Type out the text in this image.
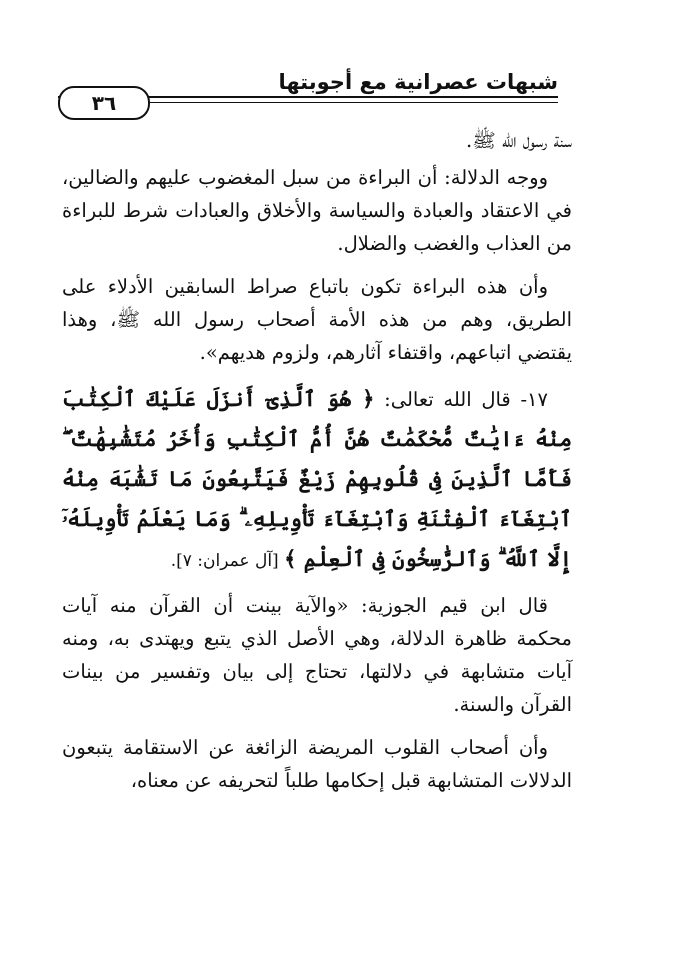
شبهات عصرانية مع أجوبتها
٣٦

سنة رسول الله ﷺ.

ووجه الدلالة: أن البراءة من سبل المغضوب عليهم والضالين، في الاعتقاد والعبادة والسياسة والأخلاق والعبادات شرط للبراءة من العذاب والغضب والضلال.

وأن هذه البراءة تكون باتباع صراط السابقين الأدلاء على الطريق، وهم من هذه الأمة أصحاب رسول الله ﷺ، وهذا يقتضي اتباعهم، واقتفاء آثارهم، ولزوم هديهم».

١٧- قال الله تعالى: ﴿ هُوَ ٱلَّذِىٓ أَنزَلَ عَلَيْكَ ٱلْكِتَٰبَ مِنْهُ ءَايَٰتٌ مُّحْكَمَٰتٌ هُنَّ أُمُّ ٱلْكِتَٰبِ وَأُخَرُ مُتَشَٰبِهَٰتٌ ۖ فَأَمَّا ٱلَّذِينَ فِى قُلُوبِهِمْ زَيْغٌ فَيَتَّبِعُونَ مَا تَشَٰبَهَ مِنْهُ ٱبْتِغَآءَ ٱلْفِتْنَةِ وَٱبْتِغَآءَ تَأْوِيلِهِۦ ۗ وَمَا يَعْلَمُ تَأْوِيلَهُۥٓ إِلَّا ٱللَّهُ ۗ وَٱلرَّٰسِخُونَ فِى ٱلْعِلْمِ ﴾ [آل عمران: ٧].

قال ابن قيم الجوزية: «والآية بينت أن القرآن منه آيات محكمة ظاهرة الدلالة، وهي الأصل الذي يتبع ويهتدى به، ومنه آيات متشابهة في دلالتها، تحتاج إلى بيان وتفسير من بينات القرآن والسنة.

وأن أصحاب القلوب المريضة الزائغة عن الاستقامة يتبعون الدلالات المتشابهة قبل إحكامها طلباً لتحريفه عن معناه،
